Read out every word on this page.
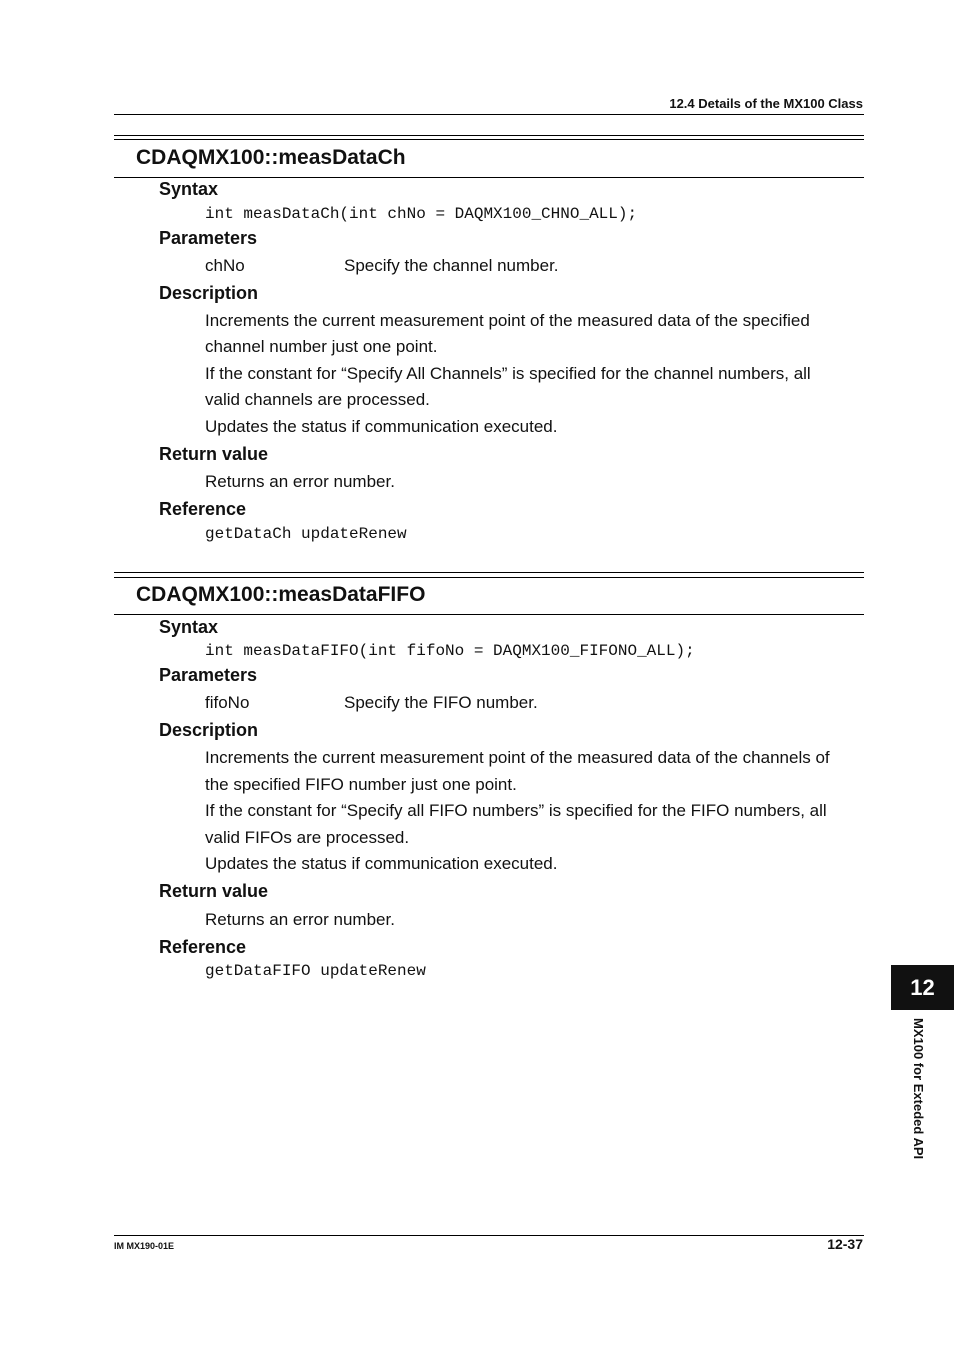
12.4 Details of the MX100 Class
CDAQMX100::measDataCh
Syntax
int measDataCh(int chNo = DAQMX100_CHNO_ALL);
Parameters
chNo	Specify the channel number.
Description
Increments the current measurement point of the measured data of the specified
channel number just one point.
If the constant for “Specify All Channels” is specified for the channel numbers, all
valid channels are processed.
Updates the status if communication executed.
Return value
Returns an error number.
Reference
getDataCh updateRenew
CDAQMX100::measDataFIFO
Syntax
int measDataFIFO(int fifoNo = DAQMX100_FIFONO_ALL);
Parameters
fifoNo	Specify the FIFO number.
Description
Increments the current measurement point of the measured data of the channels of
the specified FIFO number just one point.
If the constant for “Specify all FIFO numbers” is specified for the FIFO numbers, all
valid FIFOs are processed.
Updates the status if communication executed.
Return value
Returns an error number.
Reference
getDataFIFO updateRenew
12
MX100 for Exteded API
IM MX190-01E	12-37
